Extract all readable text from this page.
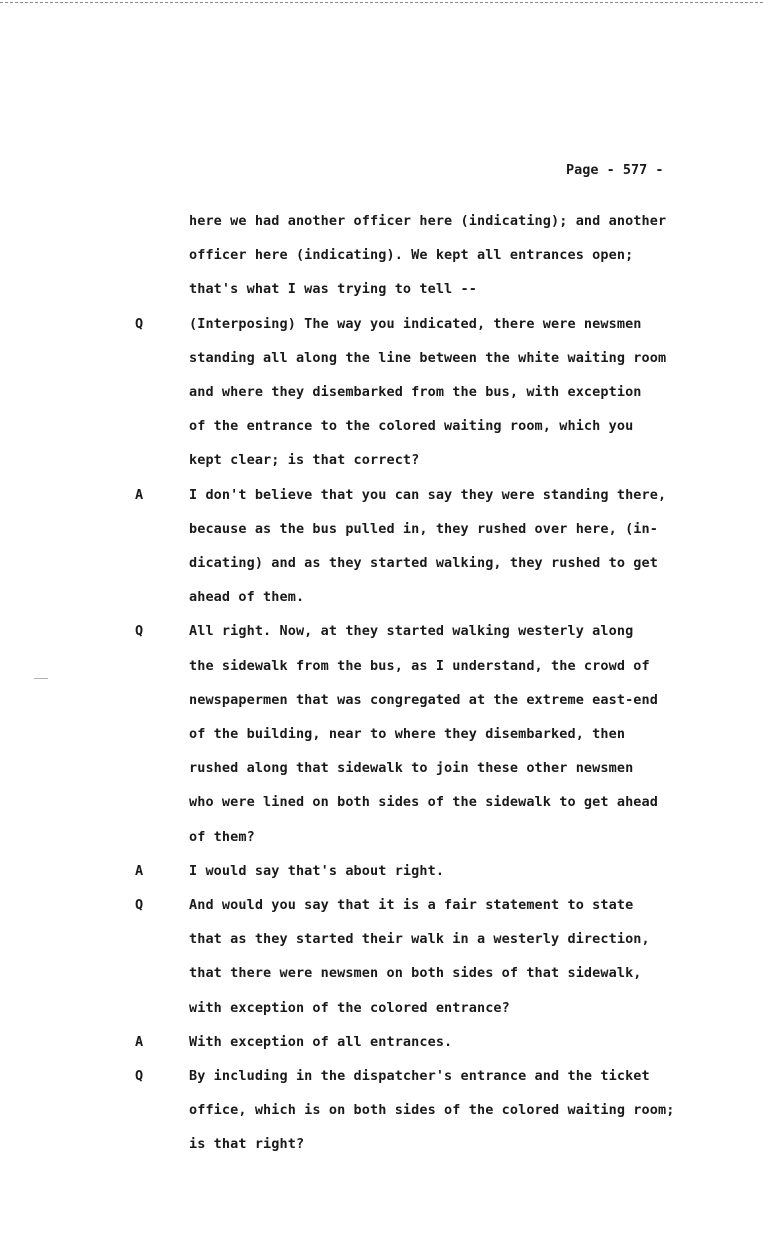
Page - 577 -
here we had another officer here (indicating); and another
officer here (indicating). We kept all entrances open;
that's what I was trying to tell --
Q	(Interposing) The way you indicated, there were newsmen
standing all along the line between the white waiting room
and where they disembarked from the bus, with exception
of the entrance to the colored waiting room, which you
kept clear; is that correct?
A	I don't believe that you can say they were standing there,
because as the bus pulled in, they rushed over here, (in-
dicating) and as they started walking, they rushed to get
ahead of them.
Q	All right. Now, at they started walking westerly along
the sidewalk from the bus, as I understand, the crowd of
newspapermen that was congregated at the extreme east-end
of the building, near to where they disembarked, then
rushed along that sidewalk to join these other newsmen
who were lined on both sides of the sidewalk to get ahead
of them?
A	I would say that's about right.
Q	And would you say that it is a fair statement to state
that as they started their walk in a westerly direction,
that there were newsmen on both sides of that sidewalk,
with exception of the colored entrance?
A	With exception of all entrances.
Q	By including in the dispatcher's entrance and the ticket
office, which is on both sides of the colored waiting room;
is that right?
